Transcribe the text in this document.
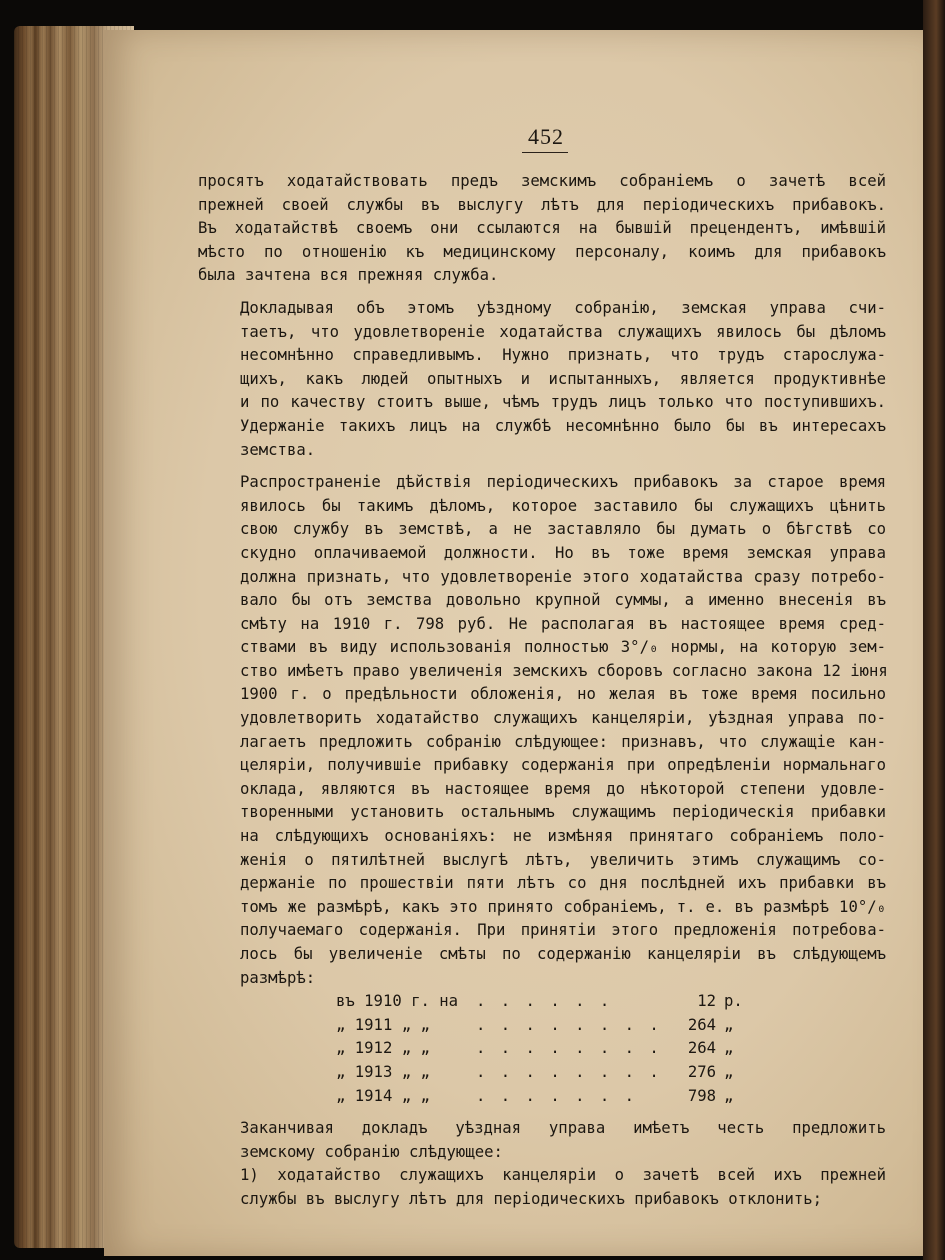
452

просятъ ходатайствовать предъ земскимъ собраніемъ о зачетѣ всей
прежней своей службы въ выслугу лѣтъ для періодическихъ прибавокъ.
Въ ходатайствѣ своемъ они ссылаются на бывшій прецендентъ, имѣвшій
мѣсто по отношенію къ медицинскому персоналу, коимъ для прибавокъ
была зачтена вся прежняя служба.

Докладывая объ этомъ уѣздному собранію, земская управа счи-
таетъ, что удовлетвореніе ходатайства служащихъ явилось бы дѣломъ
несомнѣнно справедливымъ. Нужно признать, что трудъ старослужа-
щихъ, какъ людей опытныхъ и испытанныхъ, является продуктивнѣе
и по качеству стоитъ выше, чѣмъ трудъ лицъ только что поступившихъ.
Удержаніе такихъ лицъ на службѣ несомнѣнно было бы въ интересахъ
земства.

Распространеніе дѣйствія періодическихъ прибавокъ за старое время
явилось бы такимъ дѣломъ, которое заставило бы служащихъ цѣнить
свою службу въ земствѣ, а не заставляло бы думать о бѣгствѣ со
скудно оплачиваемой должности. Но въ тоже время земская управа
должна признать, что удовлетвореніе этого ходатайства сразу потребо-
вало бы отъ земства довольно крупной суммы, а именно внесенія въ
смѣту на 1910 г. 798 руб. Не располагая въ настоящее время сред-
ствами въ виду использованія полностью 3°/₀ нормы, на которую зем-
ство имѣетъ право увеличенія земскихъ сборовъ согласно закона 12 іюня
1900 г. о предѣльности обложенія, но желая въ тоже время посильно
удовлетворить ходатайство служащихъ канцеляріи, уѣздная управа по-
лагаетъ предложить собранію слѣдующее: признавъ, что служащіе кан-
целяріи, получившіе прибавку содержанія при опредѣленіи нормальнаго
оклада, являются въ настоящее время до нѣкоторой степени удовле-
творенными установить остальнымъ служащимъ періодическія прибавки
на слѣдующихъ основаніяхъ: не измѣняя принятаго собраніемъ поло-
женія о пятилѣтней выслугѣ лѣтъ, увеличить этимъ служащимъ со-
держаніе по прошествіи пяти лѣтъ со дня послѣдней ихъ прибавки въ
томъ же размѣрѣ, какъ это принято собраніемъ, т. е. въ размѣрѣ 10°/₀
получаемаго содержанія. При принятіи этого предложенія потребова-
лось бы увеличеніе смѣты по содержанію канцеляріи въ слѣдующемъ
размѣрѣ:

въ 1910 г. на	. . . . . .	12 р.
„ 1911 „ „	. . . . . . . .	264 „
„ 1912 „ „	. . . . . . . .	264 „
„ 1913 „ „	. . . . . . . .	276 „
„ 1914 „ „	. . . . . . .	798 „

Заканчивая докладъ уѣздная управа имѣетъ честь предложить
земскому собранію слѣдующее:

1) ходатайство служащихъ канцеляріи о зачетѣ всей ихъ прежней
службы въ выслугу лѣтъ для періодическихъ прибавокъ отклонить;
